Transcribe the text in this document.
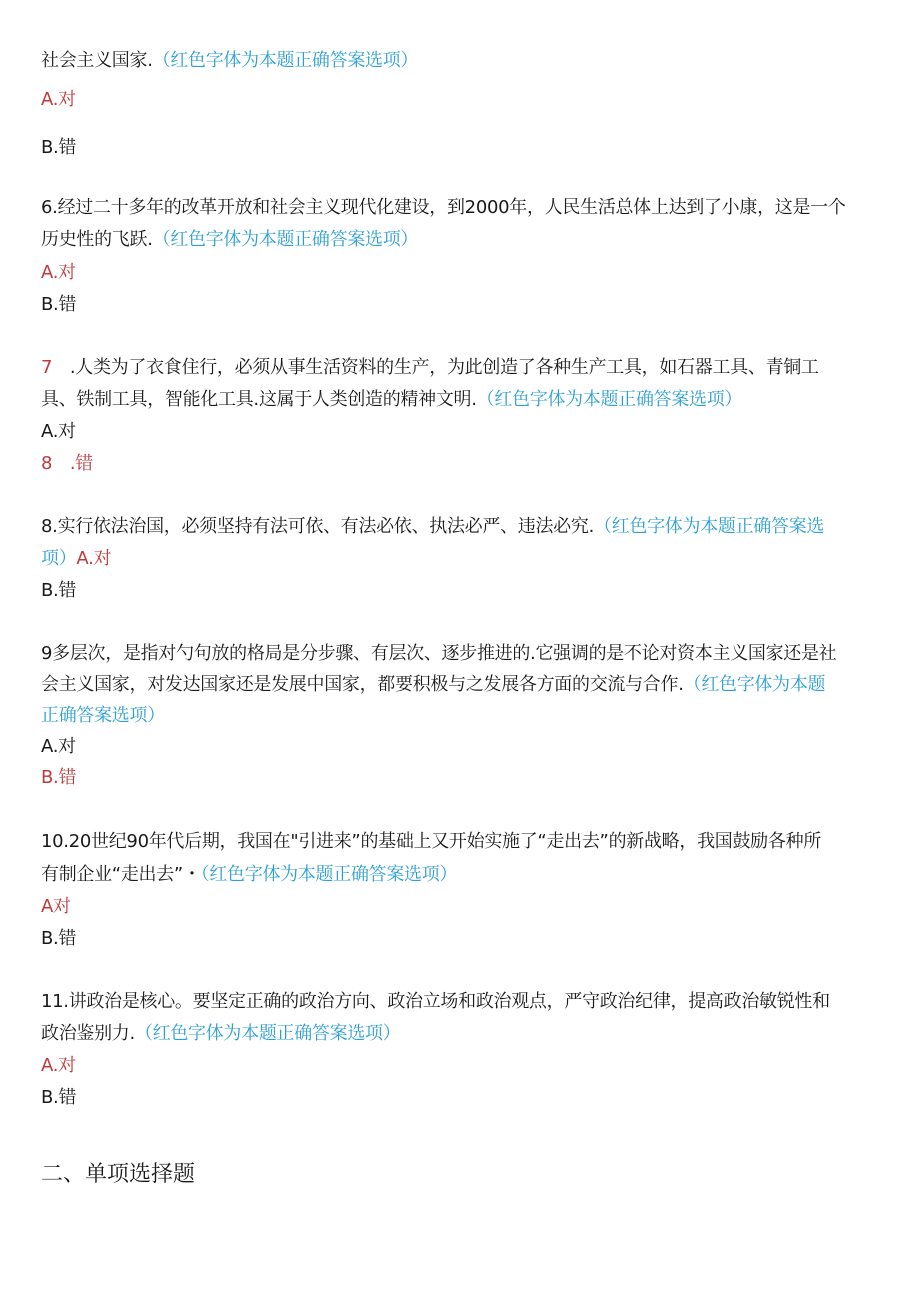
社会主义国家.（红色字体为本题正确答案选项）
A.对
B.错
6.经过二十多年的改革开放和社会主义现代化建设，到2000年，人民生活总体上达到了小康，这是一个
历史性的飞跃.（红色字体为本题正确答案选项）
A.对
B.错
7　.人类为了衣食住行，必须从事生活资料的生产，为此创造了各种生产工具，如石器工具、青铜工
具、铁制工具，智能化工具.这属于人类创造的精神文明.（红色字体为本题正确答案选项）
A.对
8　.错
8.实行依法治国，必须坚持有法可依、有法必依、执法必严、违法必究.（红色字体为本题正确答案选
项）A.对
B.错
9多层次，是指对勺句放的格局是分步骤、有层次、逐步推进的.它强调的是不论对资本主义国家还是社
会主义国家，对发达国家还是发展中国家，都要积极与之发展各方面的交流与合作.（红色字体为本题
正确答案选项）
A.对
B.错
10.20世纪90年代后期，我国在"引进来”的基础上又开始实施了“走出去”的新战略，我国鼓励各种所
有制企业“走出去”・（红色字体为本题正确答案选项）
A对
B.错
11.讲政治是核心。要坚定正确的政治方向、政治立场和政治观点，严守政治纪律，提高政治敏锐性和
政治鉴别力.（红色字体为本题正确答案选项）
A.对
B.错
二、单项选择题
